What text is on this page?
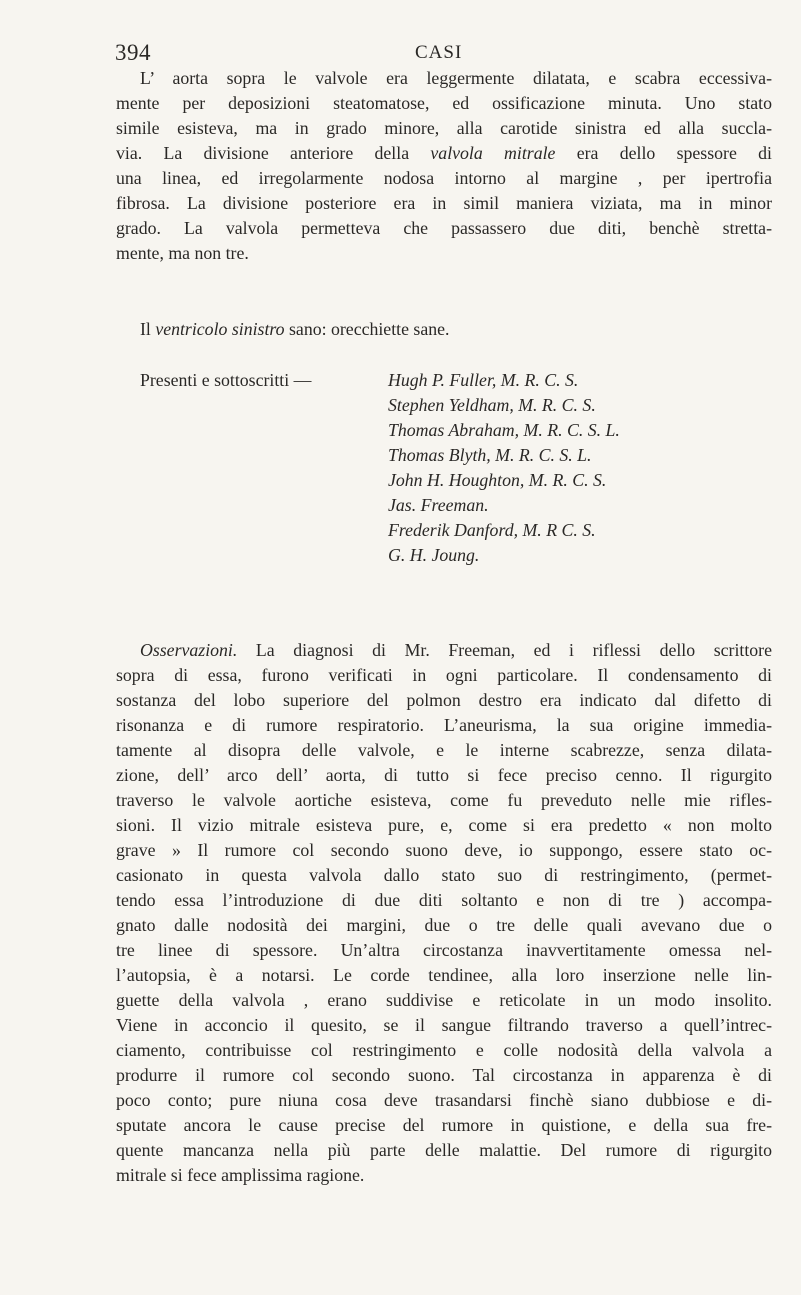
394	CASI
L’ aorta sopra le valvole era leggermente dilatata, e scabra eccessiva-
mente per deposizioni steatomatose, ed ossificazione minuta. Uno stato
simile esisteva, ma in grado minore, alla carotide sinistra ed alla succla-
via. La divisione anteriore della valvola mitrale era dello spessore di
una linea, ed irregolarmente nodosa intorno al margine , per ipertrofia
fibrosa. La divisione posteriore era in simil maniera viziata, ma in minor
grado. La valvola permetteva che passassero due diti, benchè stretta-
mente, ma non tre.
Il ventricolo sinistro sano: orecchiette sane.
Presenti e sottoscritti —	Hugh P. Fuller, M. R. C. S.
Stephen Yeldham, M. R. C. S.
Thomas Abraham, M. R. C. S. L.
Thomas Blyth, M. R. C. S. L.
John H. Houghton, M. R. C. S.
Jas. Freeman.
Frederik Danford, M. R C. S.
G. H. Joung.
Osservazioni. La diagnosi di Mr. Freeman, ed i riflessi dello scrittore
sopra di essa, furono verificati in ogni particolare. Il condensamento di
sostanza del lobo superiore del polmon destro era indicato dal difetto di
risonanza e di rumore respiratorio. L’aneurisma, la sua origine immedia-
tamente al disopra delle valvole, e le interne scabrezze, senza dilata-
zione, dell’ arco dell’ aorta, di tutto si fece preciso cenno. Il rigurgito
traverso le valvole aortiche esisteva, come fu preveduto nelle mie rifles-
sioni. Il vizio mitrale esisteva pure, e, come si era predetto « non molto
grave » Il rumore col secondo suono deve, io suppongo, essere stato oc-
casionato in questa valvola dallo stato suo di restringimento, (permet-
tendo essa l’introduzione di due diti soltanto e non di tre ) accompa-
gnato dalle nodosità dei margini, due o tre delle quali avevano due o
tre linee di spessore. Un’altra circostanza inavvertitamente omessa nel-
l’autopsia, è a notarsi. Le corde tendinee, alla loro inserzione nelle lin-
guette della valvola , erano suddivise e reticolate in un modo insolito.
Viene in acconcio il quesito, se il sangue filtrando traverso a quell’intrec-
ciamento, contribuisse col restringimento e colle nodosità della valvola a
produrre il rumore col secondo suono. Tal circostanza in apparenza è di
poco conto; pure niuna cosa deve trasandarsi finchè siano dubbiose e di-
sputate ancora le cause precise del rumore in quistione, e della sua fre-
quente mancanza nella più parte delle malattie. Del rumore di rigurgito
mitrale si fece amplissima ragione.
